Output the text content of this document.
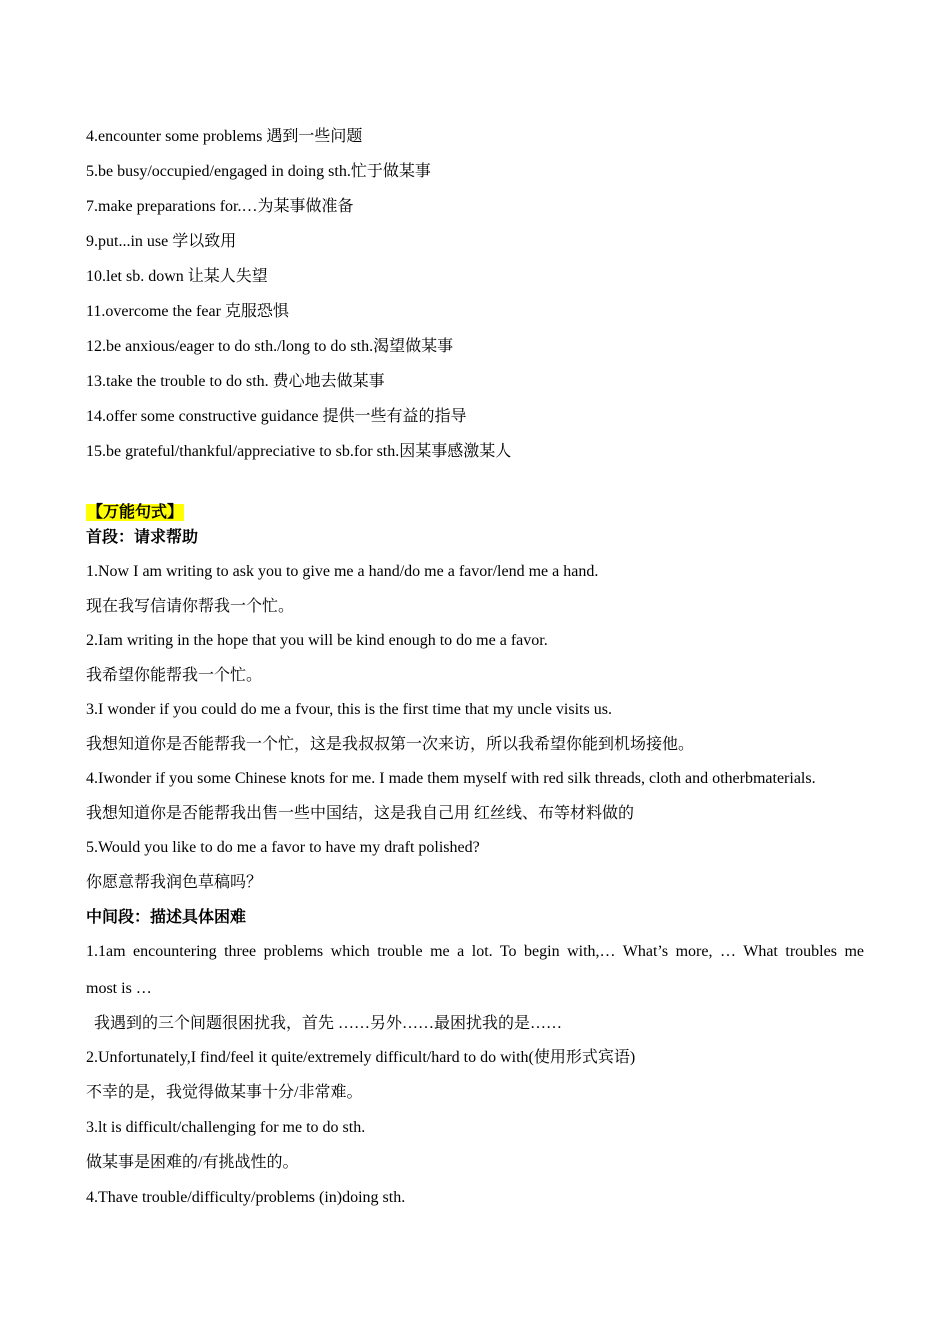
4.encounter some problems 遇到一些问题
5.be busy/occupied/engaged in doing sth.忙于做某事
7.make preparations for.…为某事做准备
9.put...in use 学以致用
10.let sb. down 让某人失望
11.overcome the fear 克服恐惧
12.be anxious/eager to do sth./long to do sth.渴望做某事
13.take the trouble to do sth. 费心地去做某事
14.offer some constructive guidance 提供一些有益的指导
15.be grateful/thankful/appreciative to sb.for sth.因某事感激某人
【万能句式】
首段：请求帮助
1.Now I am writing to ask you to give me a hand/do me a favor/lend me a hand.
现在我写信请你帮我一个忙。
2.Iam writing in the hope that you will be kind enough to do me a favor.
我希望你能帮我一个忙。
3.I wonder if you could do me a fvour, this is the first time that my uncle visits us.
我想知道你是否能帮我一个忙，这是我叔叔第一次来访，所以我希望你能到机场接他。
4.Iwonder if you some Chinese knots for me. I made them myself with red silk threads, cloth and otherbmaterials.
我想知道你是否能帮我出售一些中国结，这是我自己用 红丝线、布等材料做的
5.Would you like to do me a favor to have my draft polished?
你愿意帮我润色草稿吗？
中间段：描述具体困难
1.1am encountering three problems which trouble me a lot. To begin with,… What’s more, … What troubles me
most is …
我遇到的三个间题很困扰我，首先 ……另外……最困扰我的是……
2.Unfortunately,I find/feel it quite/extremely difficult/hard to do with(使用形式宾语)
不幸的是，我觉得做某事十分/非常难。
3.lt is difficult/challenging for me to do sth.
做某事是困难的/有挑战性的。
4.Thave trouble/difficulty/problems (in)doing sth.
